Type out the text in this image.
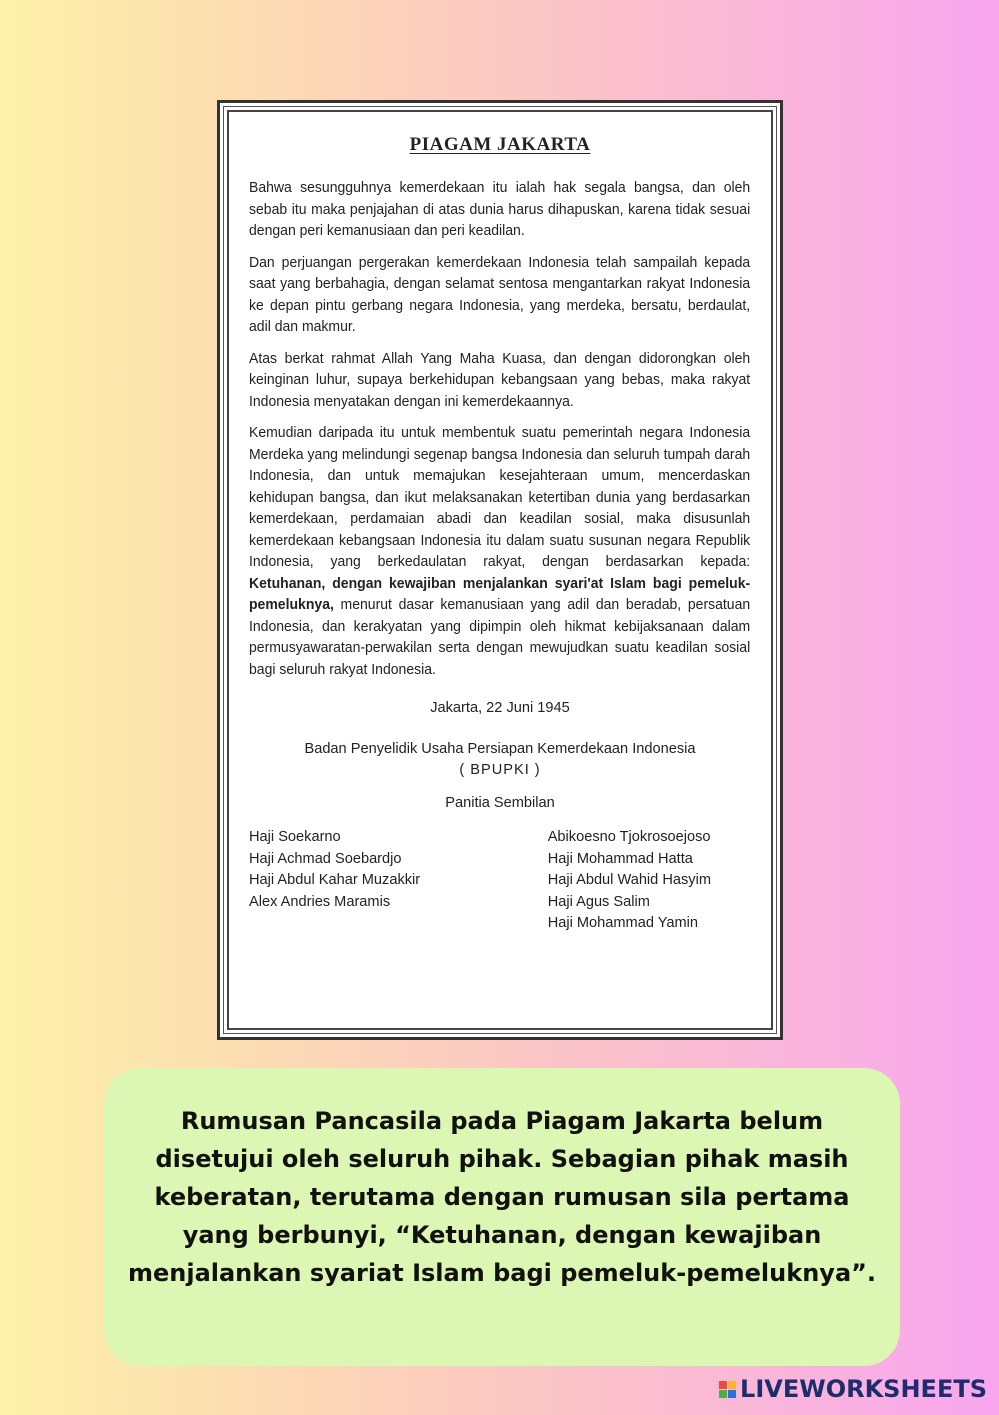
PIAGAM JAKARTA

Bahwa sesungguhnya kemerdekaan itu ialah hak segala bangsa, dan oleh sebab itu maka penjajahan di atas dunia harus dihapuskan, karena tidak sesuai dengan peri kemanusiaan dan peri keadilan.

Dan perjuangan pergerakan kemerdekaan Indonesia telah sampailah kepada saat yang berbahagia, dengan selamat sentosa mengantarkan rakyat Indonesia ke depan pintu gerbang negara Indonesia, yang merdeka, bersatu, berdaulat, adil dan makmur.

Atas berkat rahmat Allah Yang Maha Kuasa, dan dengan didorongkan oleh keinginan luhur, supaya berkehidupan kebangsaan yang bebas, maka rakyat Indonesia menyatakan dengan ini kemerdekaannya.

Kemudian daripada itu untuk membentuk suatu pemerintah negara Indonesia Merdeka yang melindungi segenap bangsa Indonesia dan seluruh tumpah darah Indonesia, dan untuk memajukan kesejahteraan umum, mencerdaskan kehidupan bangsa, dan ikut melaksanakan ketertiban dunia yang berdasarkan kemerdekaan, perdamaian abadi dan keadilan sosial, maka disusunlah kemerdekaan kebangsaan Indonesia itu dalam suatu susunan negara Republik Indonesia, yang berkedaulatan rakyat, dengan berdasarkan kepada: Ketuhanan, dengan kewajiban menjalankan syari'at Islam bagi pemeluk-pemeluknya, menurut dasar kemanusiaan yang adil dan beradab, persatuan Indonesia, dan kerakyatan yang dipimpin oleh hikmat kebijaksanaan dalam permusyawaratan-perwakilan serta dengan mewujudkan suatu keadilan sosial bagi seluruh rakyat Indonesia.

Jakarta, 22 Juni 1945
Badan Penyelidik Usaha Persiapan Kemerdekaan Indonesia
( BPUPKI )
Panitia Sembilan
Haji Soekarno
Haji Achmad Soebardjo
Haji Abdul Kahar Muzakkir
Alex Andries Maramis
Abikoesno Tjokrosoejoso
Haji Mohammad Hatta
Haji Abdul Wahid Hasyim
Haji Agus Salim
Haji Mohammad Yamin
Rumusan Pancasila pada Piagam Jakarta belum disetujui oleh seluruh pihak. Sebagian pihak masih keberatan, terutama dengan rumusan sila pertama yang berbunyi, “Ketuhanan, dengan kewajiban menjalankan syariat Islam bagi pemeluk-pemeluknya”.
LIVEWORKSHEETS
